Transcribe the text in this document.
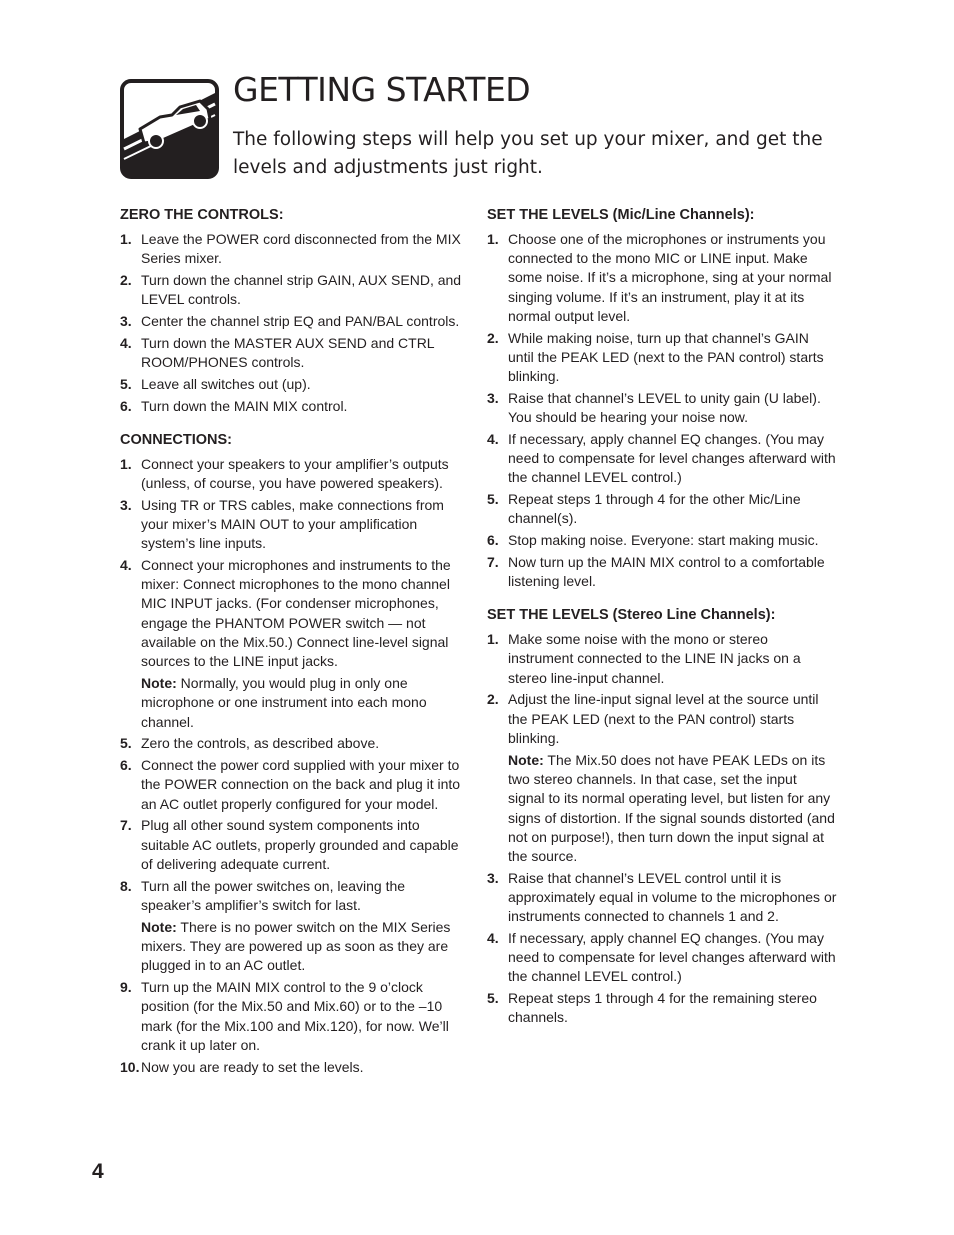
GETTING STARTED

The following steps will help you set up your mixer, and get the levels and adjustments just right.

ZERO THE CONTROLS:
1. Leave the POWER cord disconnected from the MIX Series mixer.
2. Turn down the channel strip GAIN, AUX SEND, and LEVEL controls.
3. Center the channel strip EQ and PAN/BAL controls.
4. Turn down the MASTER AUX SEND and CTRL ROOM/PHONES controls.
5. Leave all switches out (up).
6. Turn down the MAIN MIX control.
CONNECTIONS:
1. Connect your speakers to your amplifier’s outputs (unless, of course, you have powered speakers).
3. Using TR or TRS cables, make connections from your mixer’s MAIN OUT to your amplification system’s line inputs.
4. Connect your microphones and instruments to the mixer: Connect microphones to the mono channel MIC INPUT jacks. (For condenser microphones, engage the PHANTOM POWER switch — not available on the Mix.50.) Connect line-level signal sources to the LINE input jacks.
Note: Normally, you would plug in only one microphone or one instrument into each mono channel.
5. Zero the controls, as described above.
6. Connect the power cord supplied with your mixer to the POWER connection on the back and plug it into an AC outlet properly configured for your model.
7. Plug all other sound system components into suitable AC outlets, properly grounded and capable of delivering adequate current.
8. Turn all the power switches on, leaving the speaker’s amplifier’s switch for last.
Note: There is no power switch on the MIX Series mixers. They are powered up as soon as they are plugged in to an AC outlet.
9. Turn up the MAIN MIX control to the 9 o’clock position (for the Mix.50 and Mix.60) or to the –10 mark (for the Mix.100 and Mix.120), for now. We’ll crank it up later on.
10. Now you are ready to set the levels.
SET THE LEVELS (Mic/Line Channels):
1. Choose one of the microphones or instruments you connected to the mono MIC or LINE input. Make some noise. If it’s a microphone, sing at your normal singing volume. If it’s an instrument, play it at its normal output level.
2. While making noise, turn up that channel’s GAIN until the PEAK LED (next to the PAN control) starts blinking.
3. Raise that channel’s LEVEL to unity gain (U label). You should be hearing your noise now.
4. If necessary, apply channel EQ changes. (You may need to compensate for level changes afterward with the channel LEVEL control.)
5. Repeat steps 1 through 4 for the other Mic/Line channel(s).
6. Stop making noise. Everyone: start making music.
7. Now turn up the MAIN MIX control to a comfortable listening level.
SET THE LEVELS (Stereo Line Channels):
1. Make some noise with the mono or stereo instrument connected to the LINE IN jacks on a stereo line-input channel.
2. Adjust the line-input signal level at the source until the PEAK LED (next to the PAN control) starts blinking.
Note: The Mix.50 does not have PEAK LEDs on its two stereo channels. In that case, set the input signal to its normal operating level, but listen for any signs of distortion. If the signal sounds distorted (and not on purpose!), then turn down the input signal at the source.
3. Raise that channel’s LEVEL control until it is approximately equal in volume to the microphones or instruments connected to channels 1 and 2.
4. If necessary, apply channel EQ changes. (You may need to compensate for level changes afterward with the channel LEVEL control.)
5. Repeat steps 1 through 4 for the remaining stereo channels.
4
